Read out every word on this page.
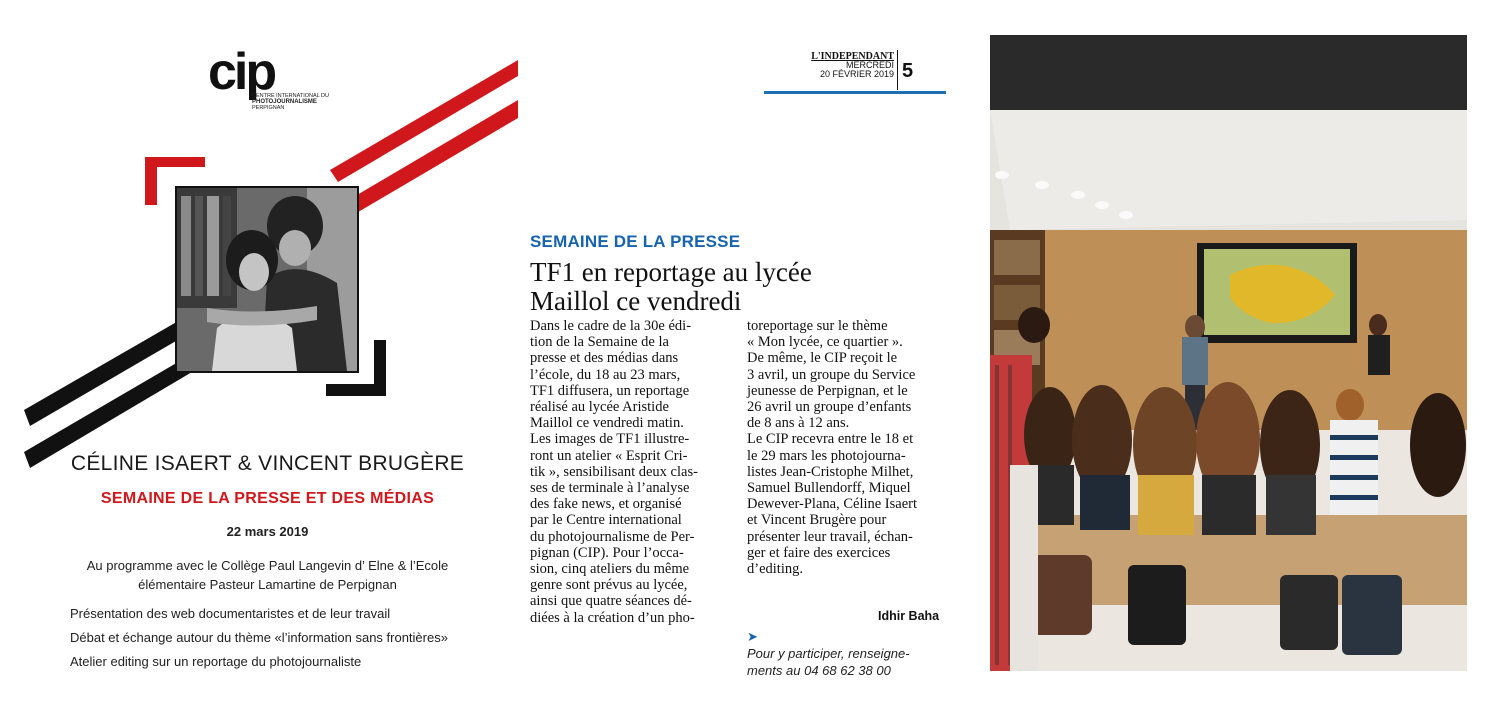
cip
CENTRE INTERNATIONAL DU
PHOTOJOURNALISME
PERPIGNAN
CÉLINE ISAERT & VINCENT BRUGÈRE
SEMAINE DE LA PRESSE ET DES MÉDIAS
22 mars 2019
Au programme avec le Collège Paul Langevin d’ Elne & l’Ecole
élémentaire Pasteur Lamartine de Perpignan
Présentation des web documentaristes et de leur travail
Débat et échange autour du thème «l’information sans frontières»
Atelier editing sur un reportage du photojournaliste
L'INDEPENDANT
MERCREDI
20 FÉVRIER 2019 5
SEMAINE DE LA PRESSE
TF1 en reportage au lycée
Maillol ce vendredi
Dans le cadre de la 30e édi-
tion de la Semaine de la
presse et des médias dans
l’école, du 18 au 23 mars,
TF1 diffusera, un reportage
réalisé au lycée Aristide
Maillol ce vendredi matin.
Les images de TF1 illustre-
ront un atelier « Esprit Cri-
tik », sensibilisant deux clas-
ses de terminale à l’analyse
des fake news, et organisé
par le Centre international
du photojournalisme de Per-
pignan (CIP). Pour l’occa-
sion, cinq ateliers du même
genre sont prévus au lycée,
ainsi que quatre séances dé-
diées à la création d’un pho-
toreportage sur le thème
« Mon lycée, ce quartier ».
De même, le CIP reçoit le
3 avril, un groupe du Service
jeunesse de Perpignan, et le
26 avril un groupe d’enfants
de 8 ans à 12 ans.
Le CIP recevra entre le 18 et
le 29 mars les photojourna-
listes Jean-Cristophe Milhet,
Samuel Bullendorff, Miquel
Dewever-Plana, Céline Isaert
et Vincent Brugère pour
présenter leur travail, échan-
ger et faire des exercices
d’editing.
Idhir Baha
➤
Pour y participer, renseigne-
ments au 04 68 62 38 00
